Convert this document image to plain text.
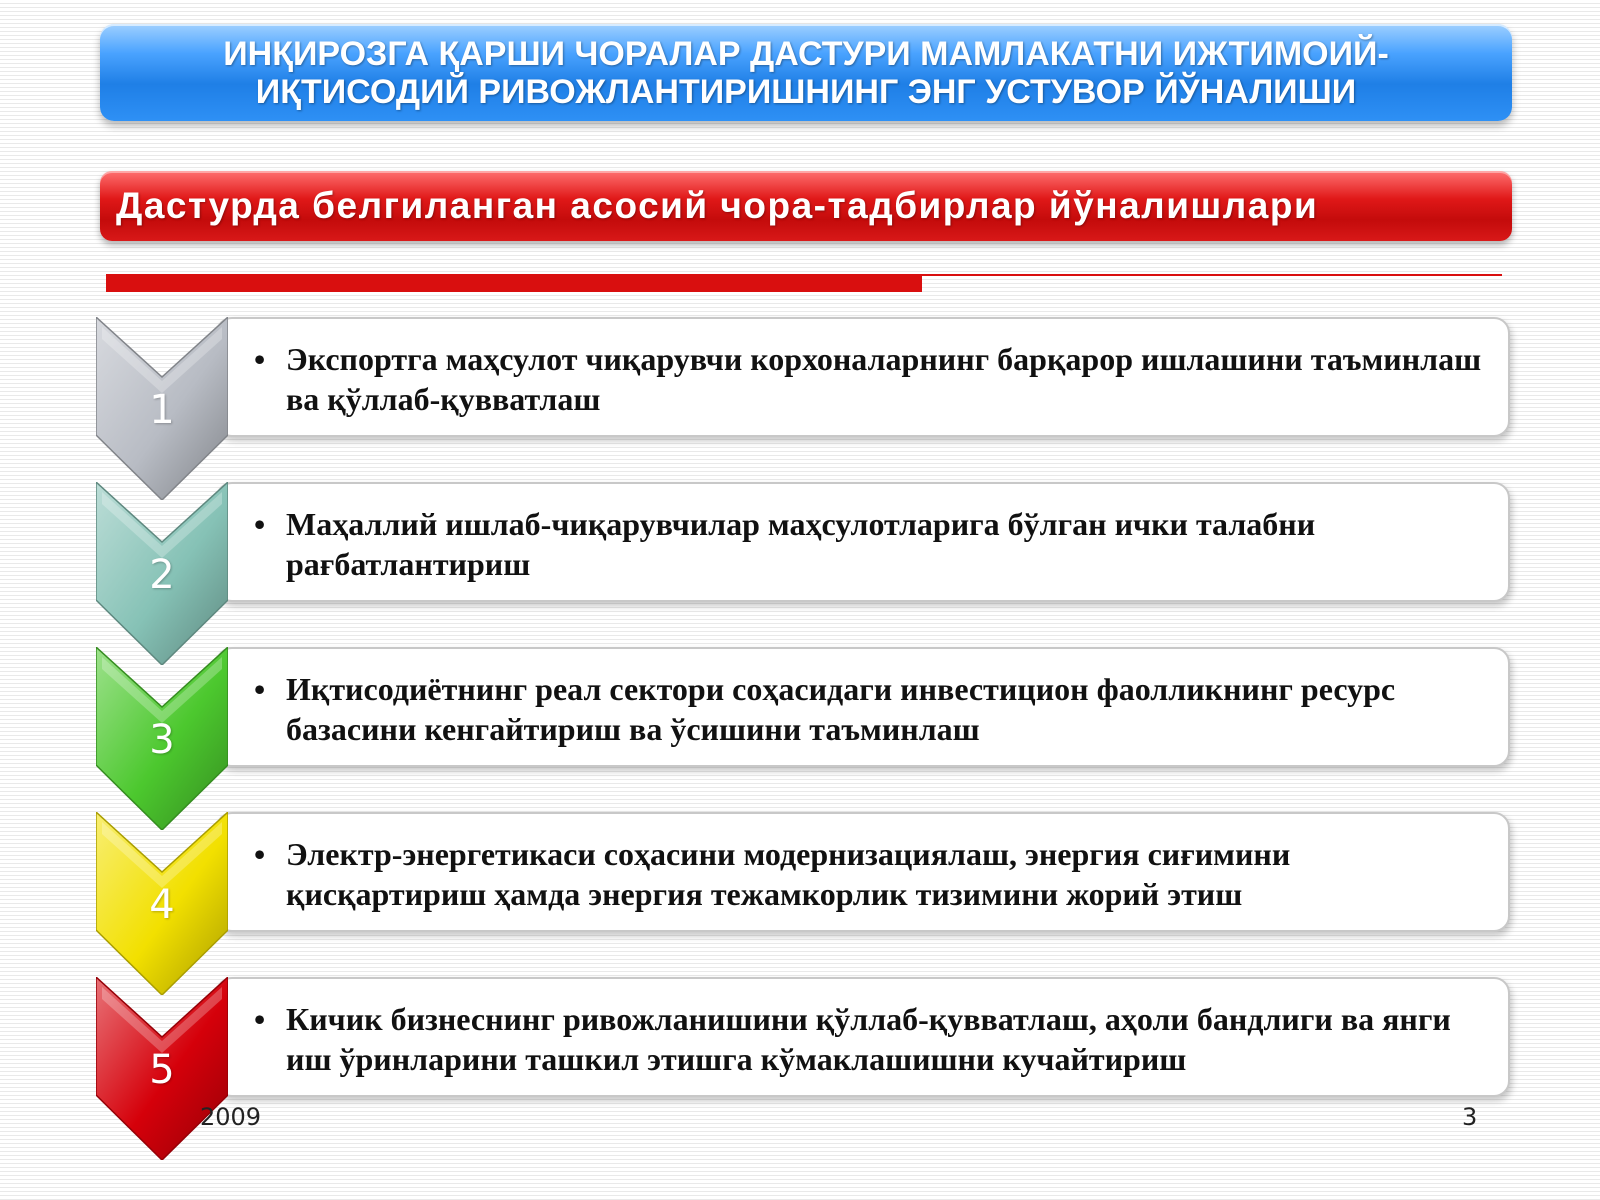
ИНҚИРОЗГА ҚАРШИ ЧОРАЛАР ДАСТУРИ МАМЛАКАТНИ ИЖТИМОИЙ-
ИҚТИСОДИЙ РИВОЖЛАНТИРИШНИНГ ЭНГ УСТУВОР ЙЎНАЛИШИ
Дастурда белгиланган асосий чора-тадбирлар йўналишлари

• Экспортга маҳсулот чиқарувчи корхоналарнинг барқарор ишлашини таъминлаш ва қўллаб-қувватлаш

1

• Маҳаллий ишлаб-чиқарувчилар маҳсулотларига бўлган ички талабни рағбатлантириш

2

• Иқтисодиётнинг реал сектори соҳасидаги инвестицион фаолликнинг ресурс базасини кенгайтириш ва ўсишини таъминлаш

3

• Электр-энергетикаси соҳасини модернизациялаш, энергия сиғимини қисқартириш ҳамда энергия тежамкорлик тизимини жорий этиш

4

• Кичик бизнеснинг ривожланишини қўллаб-қувватлаш, аҳоли бандлиги ва янги иш ўринларини ташкил этишга кўмаклашишни кучайтириш

5
2009	3
